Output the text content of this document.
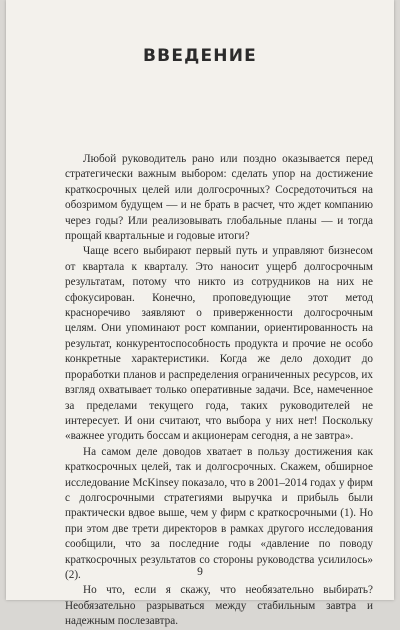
ВВЕДЕНИЕ

Любой руководитель рано или поздно оказывается перед стратегически важным выбором: сделать упор на достижение краткосрочных целей или долгосрочных? Сосредоточиться на обозримом будущем — и не брать в расчет, что ждет компанию через годы? Или реализовывать глобальные планы — и тогда прощай квартальные и годовые итоги?

Чаще всего выбирают первый путь и управляют бизнесом от квартала к кварталу. Это наносит ущерб долгосрочным результатам, потому что никто из сотрудников на них не сфокусирован. Конечно, проповедующие этот метод красноречиво заявляют о приверженности долгосрочным целям. Они упоминают рост компании, ориентированность на результат, конкурентоспособность продукта и прочие не особо конкретные характеристики. Когда же дело доходит до проработки планов и распределения ограниченных ресурсов, их взгляд охватывает только оперативные задачи. Все, намеченное за пределами текущего года, таких руководителей не интересует. И они считают, что выбора у них нет! Поскольку «важнее угодить боссам и акционерам сегодня, а не завтра».

На самом деле доводов хватает в пользу достижения как краткосрочных целей, так и долгосрочных. Скажем, обширное исследование McKinsey показало, что в 2001–2014 годах у фирм с долгосрочными стратегиями выручка и прибыль были практически вдвое выше, чем у фирм с краткосрочными (1). Но при этом две трети директоров в рамках другого исследования сообщили, что за последние годы «давление по поводу краткосрочных результатов со стороны руководства усилилось» (2).

Но что, если я скажу, что необязательно выбирать? Необязательно разрываться между стабильным завтра и надежным послезавтра.

9
